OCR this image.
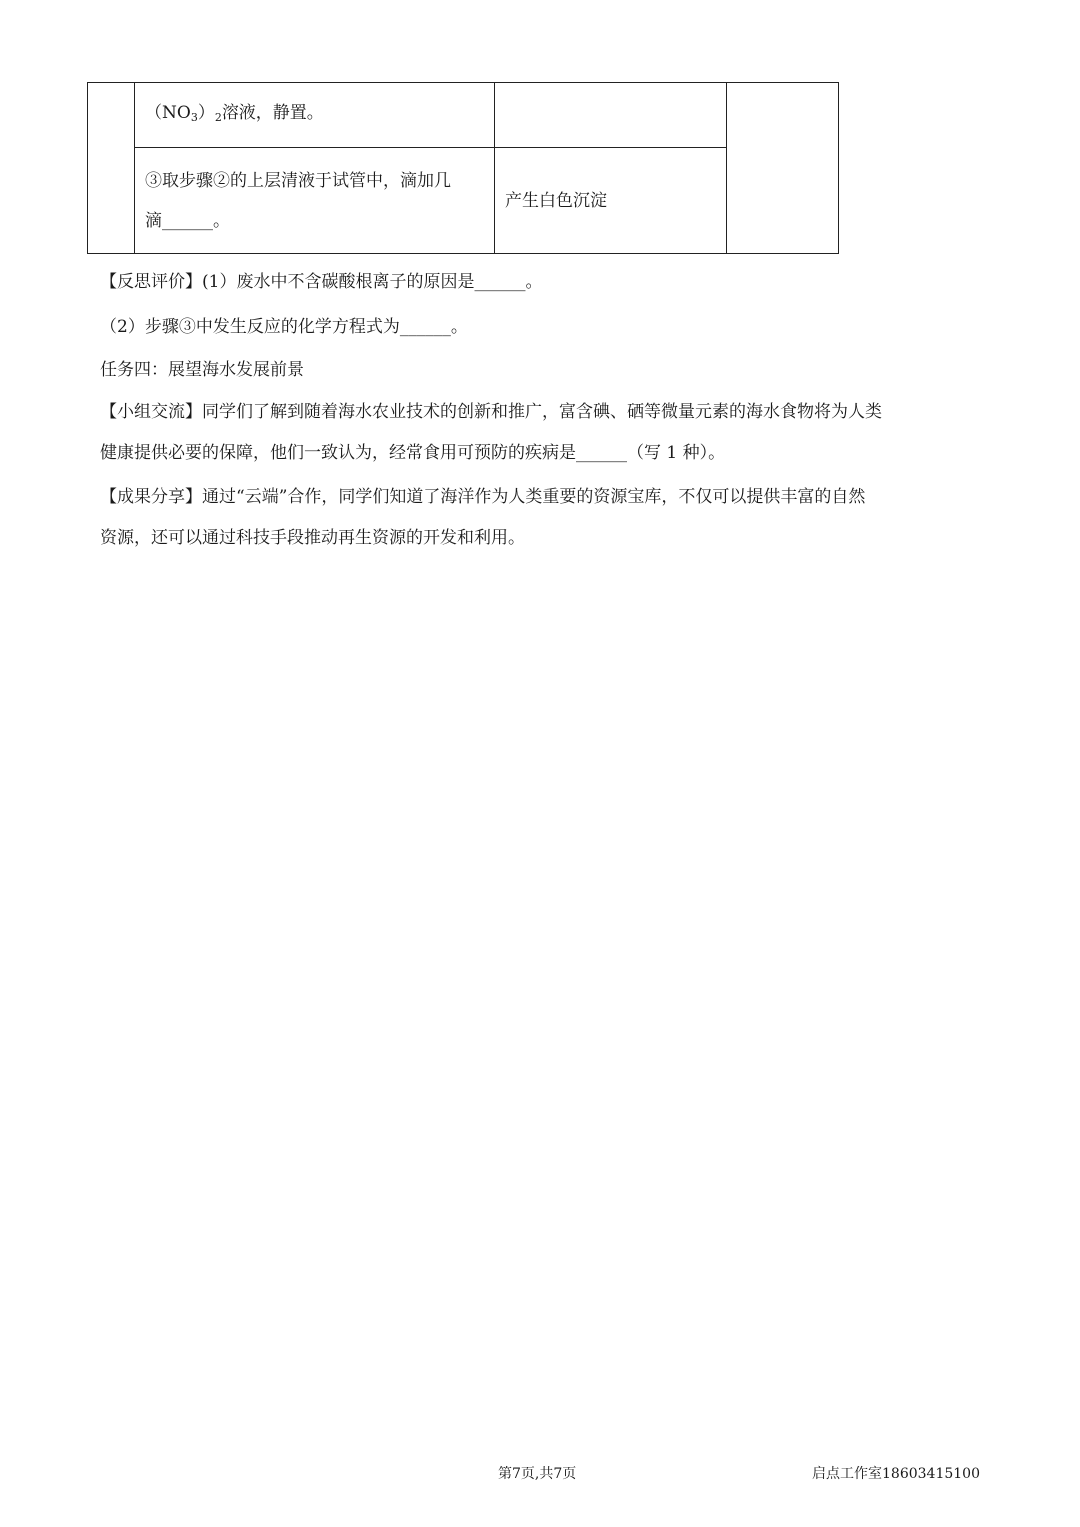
	$(NO_3)_2$溶液，静置。		

	③取步骤②的上层清液于试管中，滴加几
滴______。	产生白色沉淀	
【反思评价】(1）废水中不含碳酸根离子的原因是______。
（2）步骤③中发生反应的化学方程式为______。
任务四：展望海水发展前景
【小组交流】同学们了解到随着海水农业技术的创新和推广，富含碘、硒等微量元素的海水食物将为人类
健康提供必要的保障，他们一致认为，经常食用可预防的疾病是______（写 1 种）。
【成果分享】通过“云端”合作，同学们知道了海洋作为人类重要的资源宝库，不仅可以提供丰富的自然
资源，还可以通过科技手段推动再生资源的开发和利用。
第7页,共7页	启点工作室18603415100
